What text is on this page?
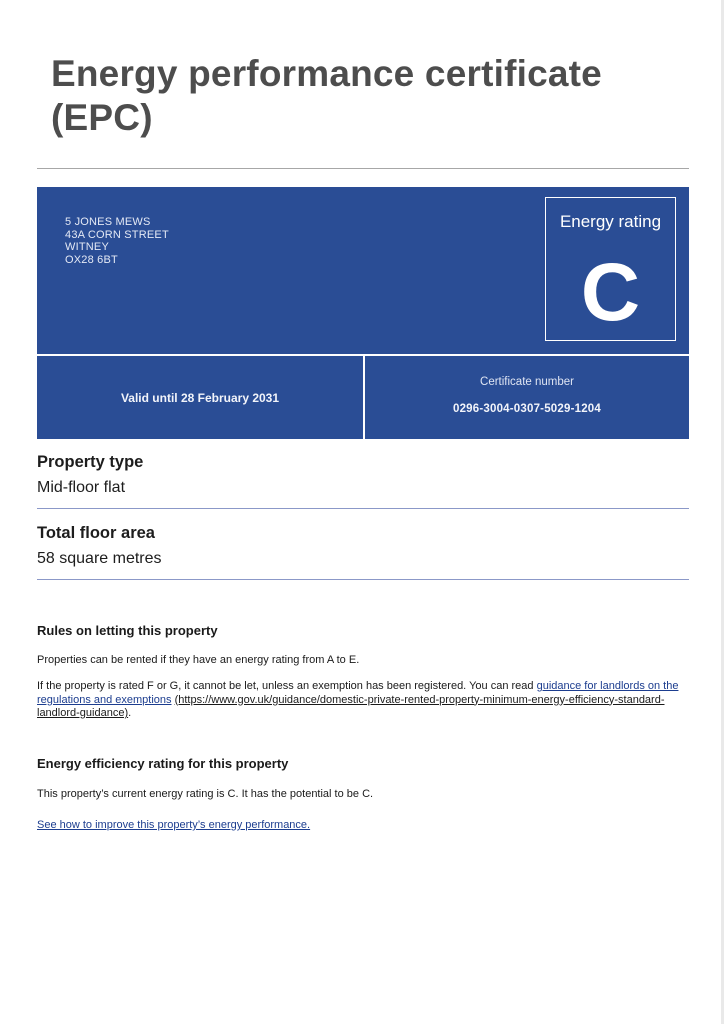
Energy performance certificate (EPC)
5 JONES MEWS
43A CORN STREET
WITNEY
OX28 6BT
Energy rating
C
Valid until 28 February 2031
Certificate number
0296-3004-0307-5029-1204
Property type
Mid-floor flat
Total floor area
58 square metres
Rules on letting this property

Properties can be rented if they have an energy rating from A to E.

If the property is rated F or G, it cannot be let, unless an exemption has been registered. You can read guidance for landlords on the regulations and exemptions (https://www.gov.uk/guidance/domestic-private-rented-property-minimum-energy-efficiency-standard-landlord-guidance).

Energy efficiency rating for this property

This property’s current energy rating is C. It has the potential to be C.

See how to improve this property’s energy performance.
